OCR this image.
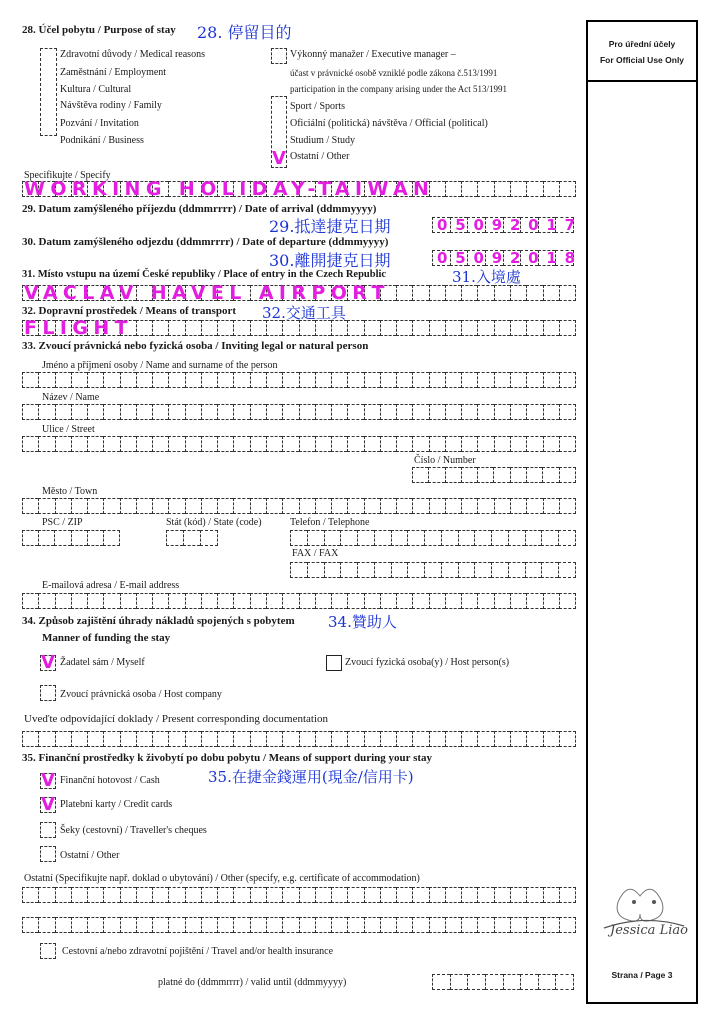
Pro úřední účely
For Official Use Only
Jessica Liao
Strana / Page 3
28. Účel pobytu / Purpose of stay 28. 停留目的
Zdravotní důvody / Medical reasons
Zaměstnání / Employment
Kultura / Cultural
Návštěva rodiny / Family
Pozvání / Invitation
Podnikání / Business
Výkonný manažer / Executive manager –
účast v právnické osobě vzniklé podle zákona č.513/1991
participation in the company arising under the Act 513/1991
Sport / Sports
Oficiální (politická) návštěva / Official (political)
Studium / Study
Ostatní / Other
V
Specifikujte / Specify
WORKING HOLIDAY-TAIWAN
29. Datum zamýšleného příjezdu (ddmmrrrr) / Date of arrival (ddmmyyyy)
29.抵達捷克日期	05092017
30. Datum zamýšleného odjezdu (ddmmrrrr) / Date of departure (ddmmyyyy)
30.離開捷克日期	05092018
31. Místo vstupu na území České republiky / Place of entry in the Czech Republic	31.入境處
VACLAV HAVEL AIRPORT
32. Dopravní prostředek / Means of transport 32.交通工具
FLIGHT
33. Zvoucí právnická nebo fyzická osoba / Inviting legal or natural person
Jméno a příjmení osoby / Name and surname of the person
Název / Name
Ulice / Street
Číslo / Number
Město / Town
PSC / ZIP	Stát (kód) / State (code)	Telefon / Telephone
FAX / FAX
E-mailová adresa / E-mail address
34. Způsob zajištění úhrady nákladů spojených s pobytem 34.贊助人
Manner of funding the stay
V Žadatel sám / Myself	Zvoucí fyzická osoba(y) / Host person(s)
Zvoucí právnická osoba / Host company
Uveďte odpovídající doklady / Present corresponding documentation
35. Finanční prostředky k živobytí po dobu pobytu / Means of support during your stay
35.在捷金錢運用(現金/信用卡)
V Finanční hotovost / Cash
V Platební karty / Credit cards
Šeky (cestovní) / Traveller's cheques
Ostatní / Other
Ostatní (Specifikujte např. doklad o ubytování) / Other (specify, e.g. certificate of accommodation)
Cestovní a/nebo zdravotní pojištění / Travel and/or health insurance
platné do (ddmmrrrr) / valid until (ddmmyyyy)
